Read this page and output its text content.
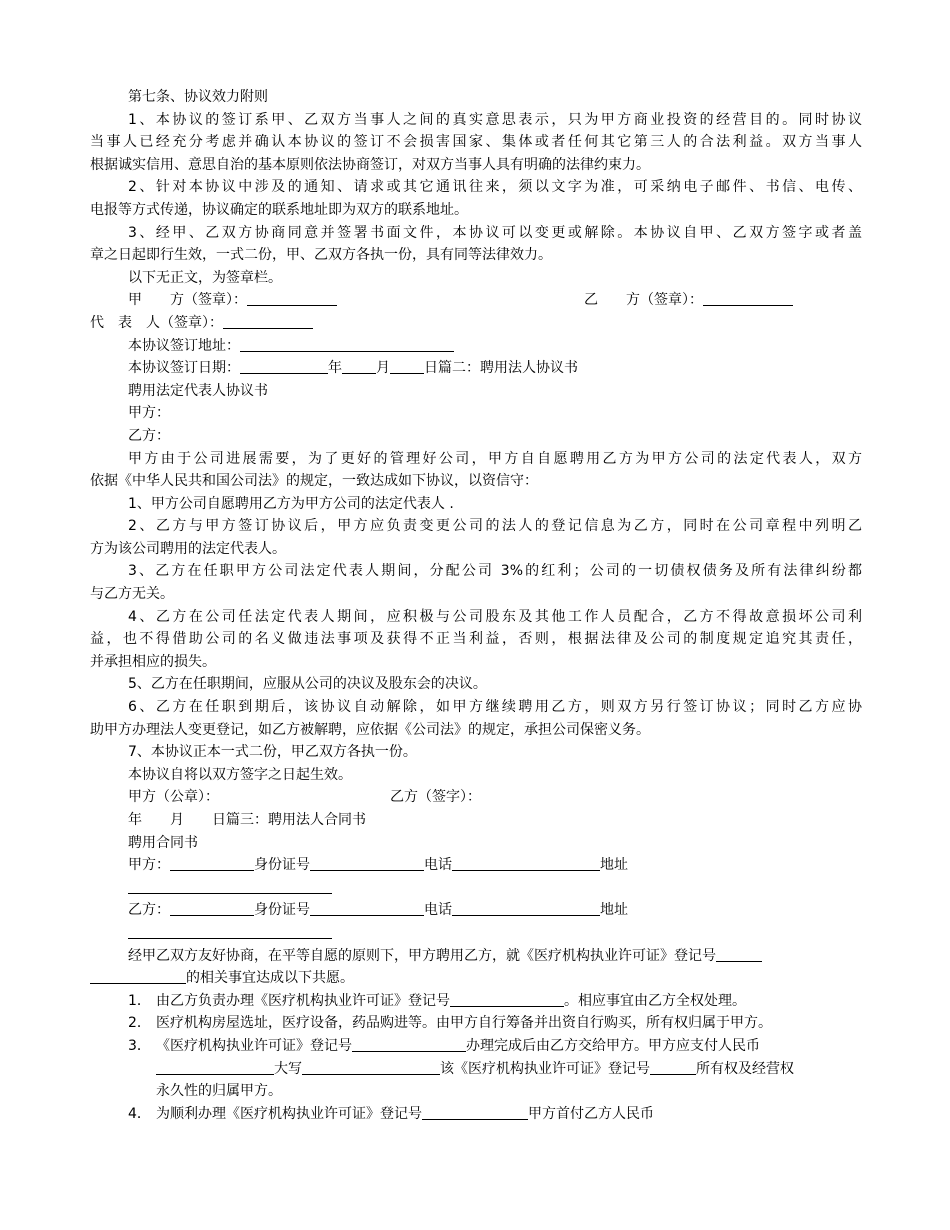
第七条、协议效力附则
1、本协议的签订系甲、乙双方当事人之间的真实意思表示，只为甲方商业投资的经营目的。同时协议
当事人已经充分考虑并确认本协议的签订不会损害国家、集体或者任何其它第三人的合法利益。双方当事人
根据诚实信用、意思自治的基本原则依法协商签订，对双方当事人具有明确的法律约束力。
2、针对本协议中涉及的通知、请求或其它通讯往来，须以文字为准，可采纳电子邮件、书信、电传、
电报等方式传递，协议确定的联系地址即为双方的联系地址。
3、经甲、乙双方协商同意并签署书面文件，本协议可以变更或解除。本协议自甲、乙双方签字或者盖
章之日起即行生效，一式二份，甲、乙双方各执一份，具有同等法律效力。
以下无正文，为签章栏。
甲　　方（签章）：	乙　　方（签章）：
代　表　人（签章）：
本协议签订地址：
本协议签订日期：	年 月 日篇二：聘用法人协议书
聘用法定代表人协议书
甲方：
乙方：
甲方由于公司进展需要，为了更好的管理好公司，甲方自自愿聘用乙方为甲方公司的法定代表人，双方
依据《中华人民共和国公司法》的规定，一致达成如下协议，以资信守：
1、甲方公司自愿聘用乙方为甲方公司的法定代表人 .
2、乙方与甲方签订协议后，甲方应负责变更公司的法人的登记信息为乙方，同时在公司章程中列明乙
方为该公司聘用的法定代表人。
3、乙方在任职甲方公司法定代表人期间，分配公司 3%的红利；公司的一切债权债务及所有法律纠纷都
与乙方无关。
4、乙方在公司任法定代表人期间，应积极与公司股东及其他工作人员配合，乙方不得故意损坏公司利
益，也不得借助公司的名义做违法事项及获得不正当利益，否则，根据法律及公司的制度规定追究其责任，
并承担相应的损失。
5、乙方在任职期间，应服从公司的决议及股东会的决议。
6、乙方在任职到期后，该协议自动解除，如甲方继续聘用乙方，则双方另行签订协议；同时乙方应协
助甲方办理法人变更登记，如乙方被解聘，应依据《公司法》的规定，承担公司保密义务。
7、本协议正本一式二份，甲乙双方各执一份。
本协议自将以双方签字之日起生效。
甲方（公章）：	乙方（签字）：
年　　月　　日篇三：聘用法人合同书
聘用合同书
甲方：	身份证号	电话	地址
乙方：	身份证号	电话	地址
经甲乙双方友好协商，在平等自愿的原则下，甲方聘用乙方，就《医疗机构执业许可证》登记号
的相关事宜达成以下共愿。
1． 由乙方负责办理《医疗机构执业许可证》登记号	。相应事宜由乙方全权处理。
2． 医疗机构房屋选址，医疗设备，药品购进等。由甲方自行筹备并出资自行购买，所有权归属于甲方。
3． 《医疗机构执业许可证》登记号	办理完成后由乙方交给甲方。甲方应支付人民币
大写	该《医疗机构执业许可证》登记号	所有权及经营权
永久性的归属甲方。
4． 为顺利办理《医疗机构执业许可证》登记号	甲方首付乙方人民币
